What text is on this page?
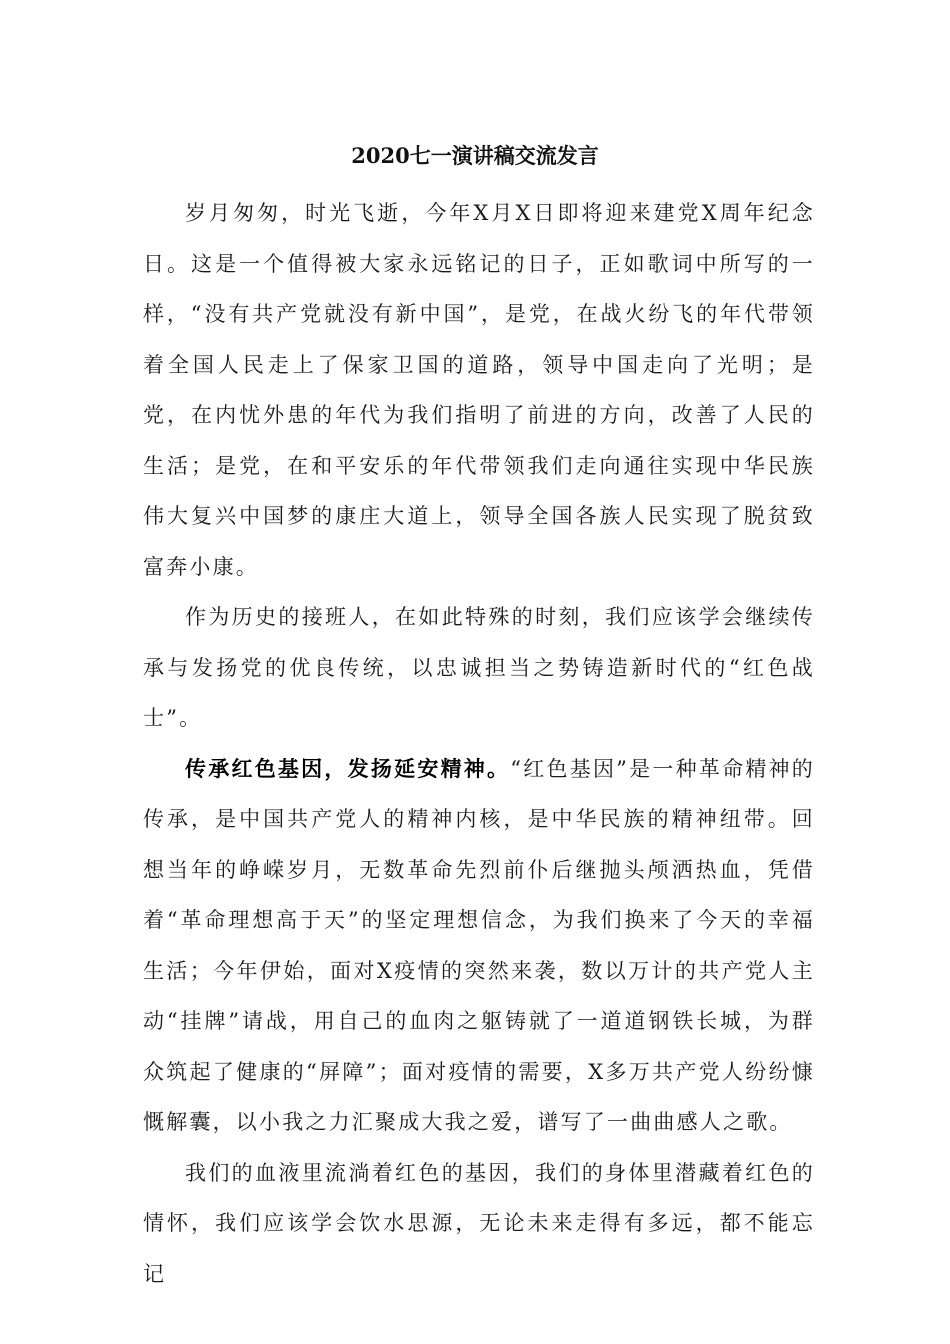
2020七一演讲稿交流发言

岁月匆匆，时光飞逝，今年X月X日即将迎来建党X周年纪念日。这是一个值得被大家永远铭记的日子，正如歌词中所写的一样，“没有共产党就没有新中国”，是党，在战火纷飞的年代带领着全国人民走上了保家卫国的道路，领导中国走向了光明；是党，在内忧外患的年代为我们指明了前进的方向，改善了人民的生活；是党，在和平安乐的年代带领我们走向通往实现中华民族伟大复兴中国梦的康庄大道上，领导全国各族人民实现了脱贫致富奔小康。

作为历史的接班人，在如此特殊的时刻，我们应该学会继续传承与发扬党的优良传统，以忠诚担当之势铸造新时代的“红色战士”。

传承红色基因，发扬延安精神。“红色基因”是一种革命精神的传承，是中国共产党人的精神内核，是中华民族的精神纽带。回想当年的峥嵘岁月，无数革命先烈前仆后继抛头颅洒热血，凭借着“革命理想高于天”的坚定理想信念，为我们换来了今天的幸福生活；今年伊始，面对X疫情的突然来袭，数以万计的共产党人主动“挂牌”请战，用自己的血肉之躯铸就了一道道钢铁长城，为群众筑起了健康的“屏障”；面对疫情的需要，X多万共产党人纷纷慷慨解囊，以小我之力汇聚成大我之爱，谱写了一曲曲感人之歌。

我们的血液里流淌着红色的基因，我们的身体里潜藏着红色的情怀，我们应该学会饮水思源，无论未来走得有多远，都不能忘记
